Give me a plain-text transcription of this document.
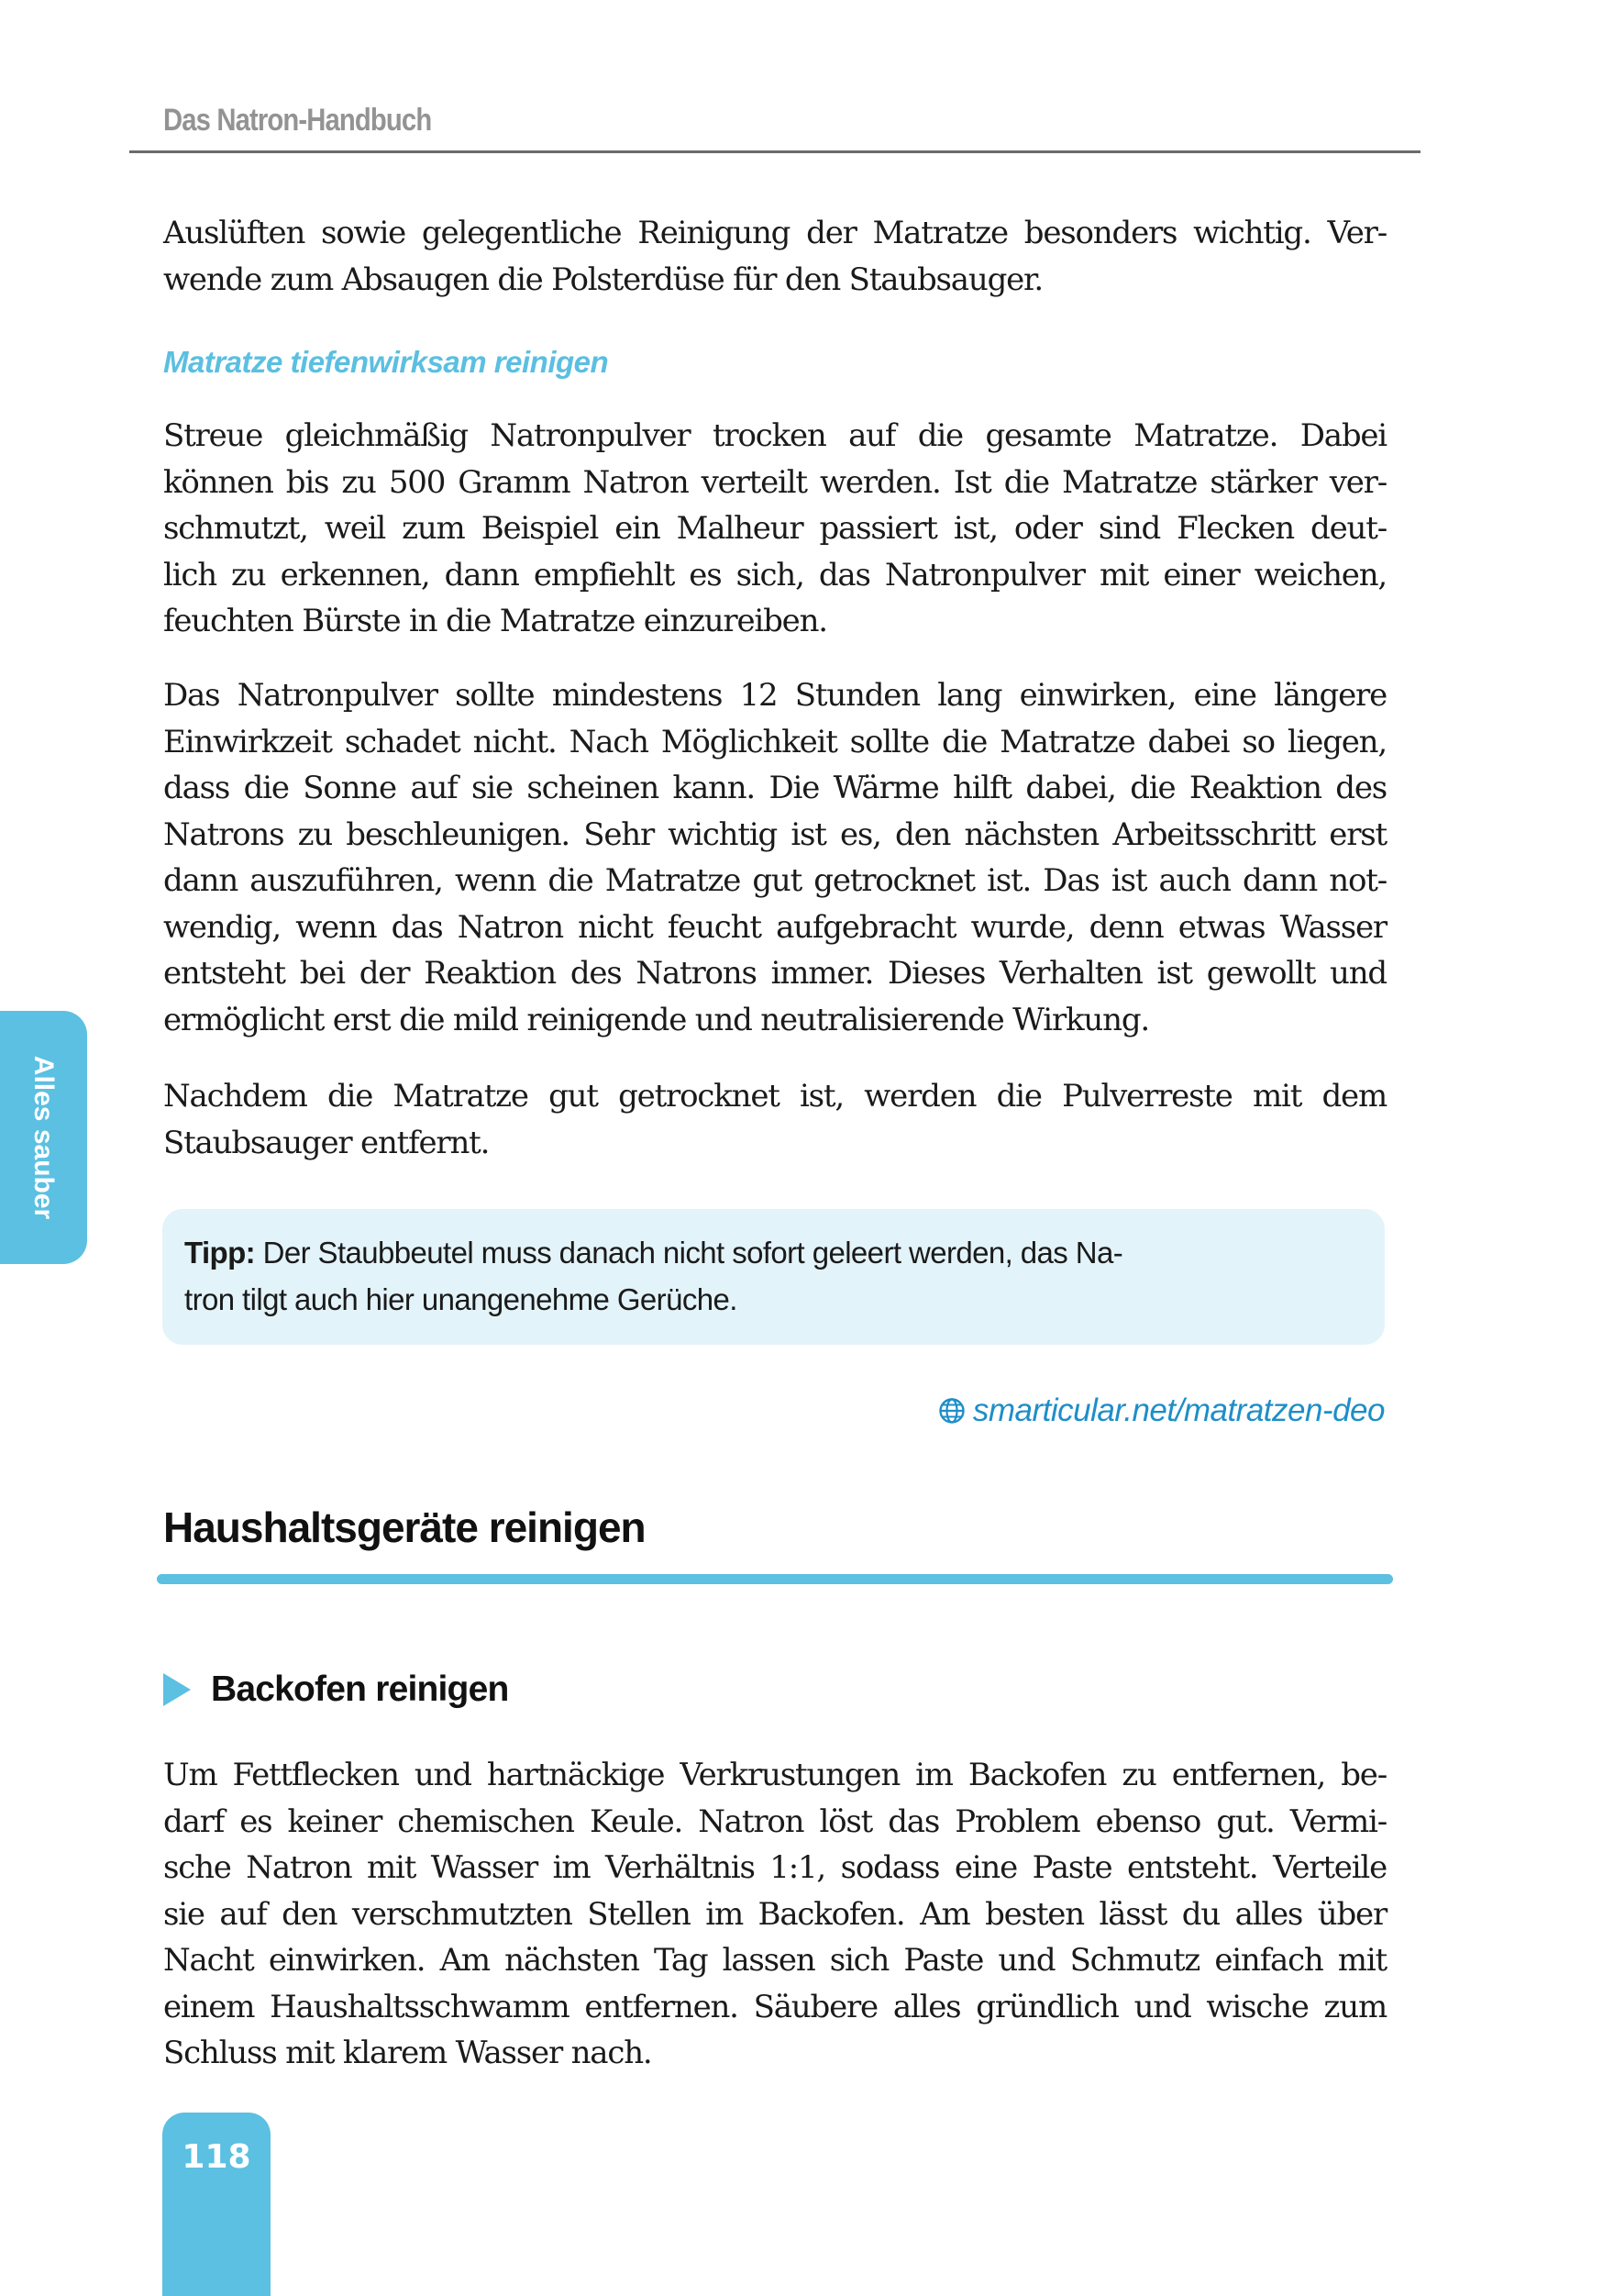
Das Natron-Handbuch
Auslüften sowie gelegentliche Reinigung der Matratze besonders wichtig. Ver-
wende zum Absaugen die Polsterdüse für den Staubsauger.
Matratze tiefenwirksam reinigen
Streue gleichmäßig Natronpulver trocken auf die gesamte Matratze. Dabei
können bis zu 500 Gramm Natron verteilt werden. Ist die Matratze stärker ver-
schmutzt, weil zum Beispiel ein Malheur passiert ist, oder sind Flecken deut-
lich zu erkennen, dann empfiehlt es sich, das Natronpulver mit einer weichen,
feuchten Bürste in die Matratze einzureiben.
Das Natronpulver sollte mindestens 12 Stunden lang einwirken, eine längere
Einwirkzeit schadet nicht. Nach Möglichkeit sollte die Matratze dabei so liegen,
dass die Sonne auf sie scheinen kann. Die Wärme hilft dabei, die Reaktion des
Natrons zu beschleunigen. Sehr wichtig ist es, den nächsten Arbeitsschritt erst
dann auszuführen, wenn die Matratze gut getrocknet ist. Das ist auch dann not-
wendig, wenn das Natron nicht feucht aufgebracht wurde, denn etwas Wasser
entsteht bei der Reaktion des Natrons immer. Dieses Verhalten ist gewollt und
ermöglicht erst die mild reinigende und neutralisierende Wirkung.
Nachdem die Matratze gut getrocknet ist, werden die Pulverreste mit dem
Staubsauger entfernt.
Alles sauber
Tipp: Der Staubbeutel muss danach nicht sofort geleert werden, das Na-
tron tilgt auch hier unangenehme Gerüche.
smarticular.net/matratzen-deo
Haushaltsgeräte reinigen
Backofen reinigen
Um Fettflecken und hartnäckige Verkrustungen im Backofen zu entfernen, be-
darf es keiner chemischen Keule. Natron löst das Problem ebenso gut. Vermi-
sche Natron mit Wasser im Verhältnis 1:1, sodass eine Paste entsteht. Verteile
sie auf den verschmutzten Stellen im Backofen. Am besten lässt du alles über
Nacht einwirken. Am nächsten Tag lassen sich Paste und Schmutz einfach mit
einem Haushaltsschwamm entfernen. Säubere alles gründlich und wische zum
Schluss mit klarem Wasser nach.
118
